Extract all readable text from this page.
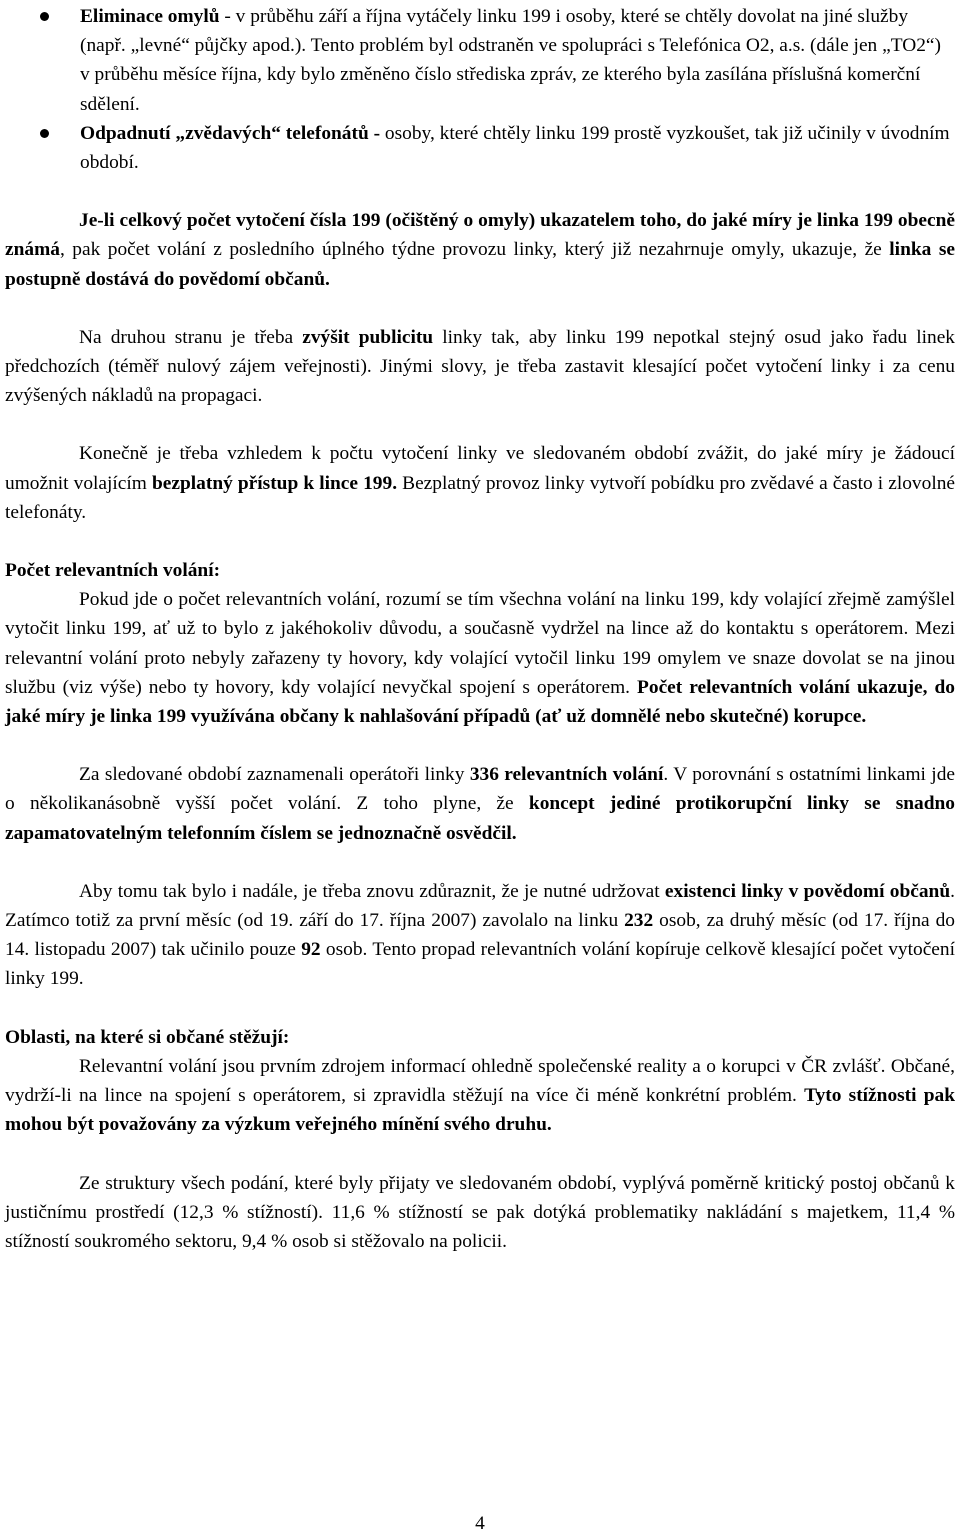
Eliminace omylů - v průběhu září a října vytáčely linku 199 i osoby, které se chtěly dovolat na jiné služby (např. „levné“ půjčky apod.). Tento problém byl odstraněn ve spolupráci s Telefónica O2, a.s. (dále jen „TO2“) v průběhu měsíce října, kdy bylo změněno číslo střediska zpráv, ze kterého byla zasílána příslušná komerční sdělení.
Odpadnutí „zvědavých“ telefonátů - osoby, které chtěly linku 199 prostě vyzkoušet, tak již učinily v úvodním období.

Je-li celkový počet vytočení čísla 199 (očištěný o omyly) ukazatelem toho, do jaké míry je linka 199 obecně známá, pak počet volání z posledního úplného týdne provozu linky, který již nezahrnuje omyly, ukazuje, že linka se postupně dostává do povědomí občanů.

Na druhou stranu je třeba zvýšit publicitu linky tak, aby linku 199 nepotkal stejný osud jako řadu linek předchozích (téměř nulový zájem veřejnosti). Jinými slovy, je třeba zastavit klesající počet vytočení linky i za cenu zvýšených nákladů na propagaci.

Konečně je třeba vzhledem k počtu vytočení linky ve sledovaném období zvážit, do jaké míry je žádoucí umožnit volajícím bezplatný přístup k lince 199. Bezplatný provoz linky vytvoří pobídku pro zvědavé a často i zlovolné telefonáty.

Počet relevantních volání:

Pokud jde o počet relevantních volání, rozumí se tím všechna volání na linku 199, kdy volající zřejmě zamýšlel vytočit linku 199, ať už to bylo z jakéhokoliv důvodu, a současně vydržel na lince až do kontaktu s operátorem. Mezi relevantní volání proto nebyly zařazeny ty hovory, kdy volající vytočil linku 199 omylem ve snaze dovolat se na jinou službu (viz výše) nebo ty hovory, kdy volající nevyčkal spojení s operátorem. Počet relevantních volání ukazuje, do jaké míry je linka 199 využívána občany k nahlašování případů (ať už domnělé nebo skutečné) korupce.

Za sledované období zaznamenali operátoři linky 336 relevantních volání. V porovnání s ostatními linkami jde o několikanásobně vyšší počet volání. Z toho plyne, že koncept jediné protikorupční linky se snadno zapamatovatelným telefonním číslem se jednoznačně osvědčil.

Aby tomu tak bylo i nadále, je třeba znovu zdůraznit, že je nutné udržovat existenci linky v povědomí občanů. Zatímco totiž za první měsíc (od 19. září do 17. října 2007) zavolalo na linku 232 osob, za druhý měsíc (od 17. října do 14. listopadu 2007) tak učinilo pouze 92 osob. Tento propad relevantních volání kopíruje celkově klesající počet vytočení linky 199.

Oblasti, na které si občané stěžují:

Relevantní volání jsou prvním zdrojem informací ohledně společenské reality a o korupci v ČR zvlášť. Občané, vydrží-li na lince na spojení s operátorem, si zpravidla stěžují na více či méně konkrétní problém. Tyto stížnosti pak mohou být považovány za výzkum veřejného mínění svého druhu.

Ze struktury všech podání, které byly přijaty ve sledovaném období, vyplývá poměrně kritický postoj občanů k justičnímu prostředí (12,3 % stížností). 11,6 % stížností se pak dotýká problematiky nakládání s majetkem, 11,4 % stížností soukromého sektoru, 9,4 % osob si stěžovalo na policii.

4
